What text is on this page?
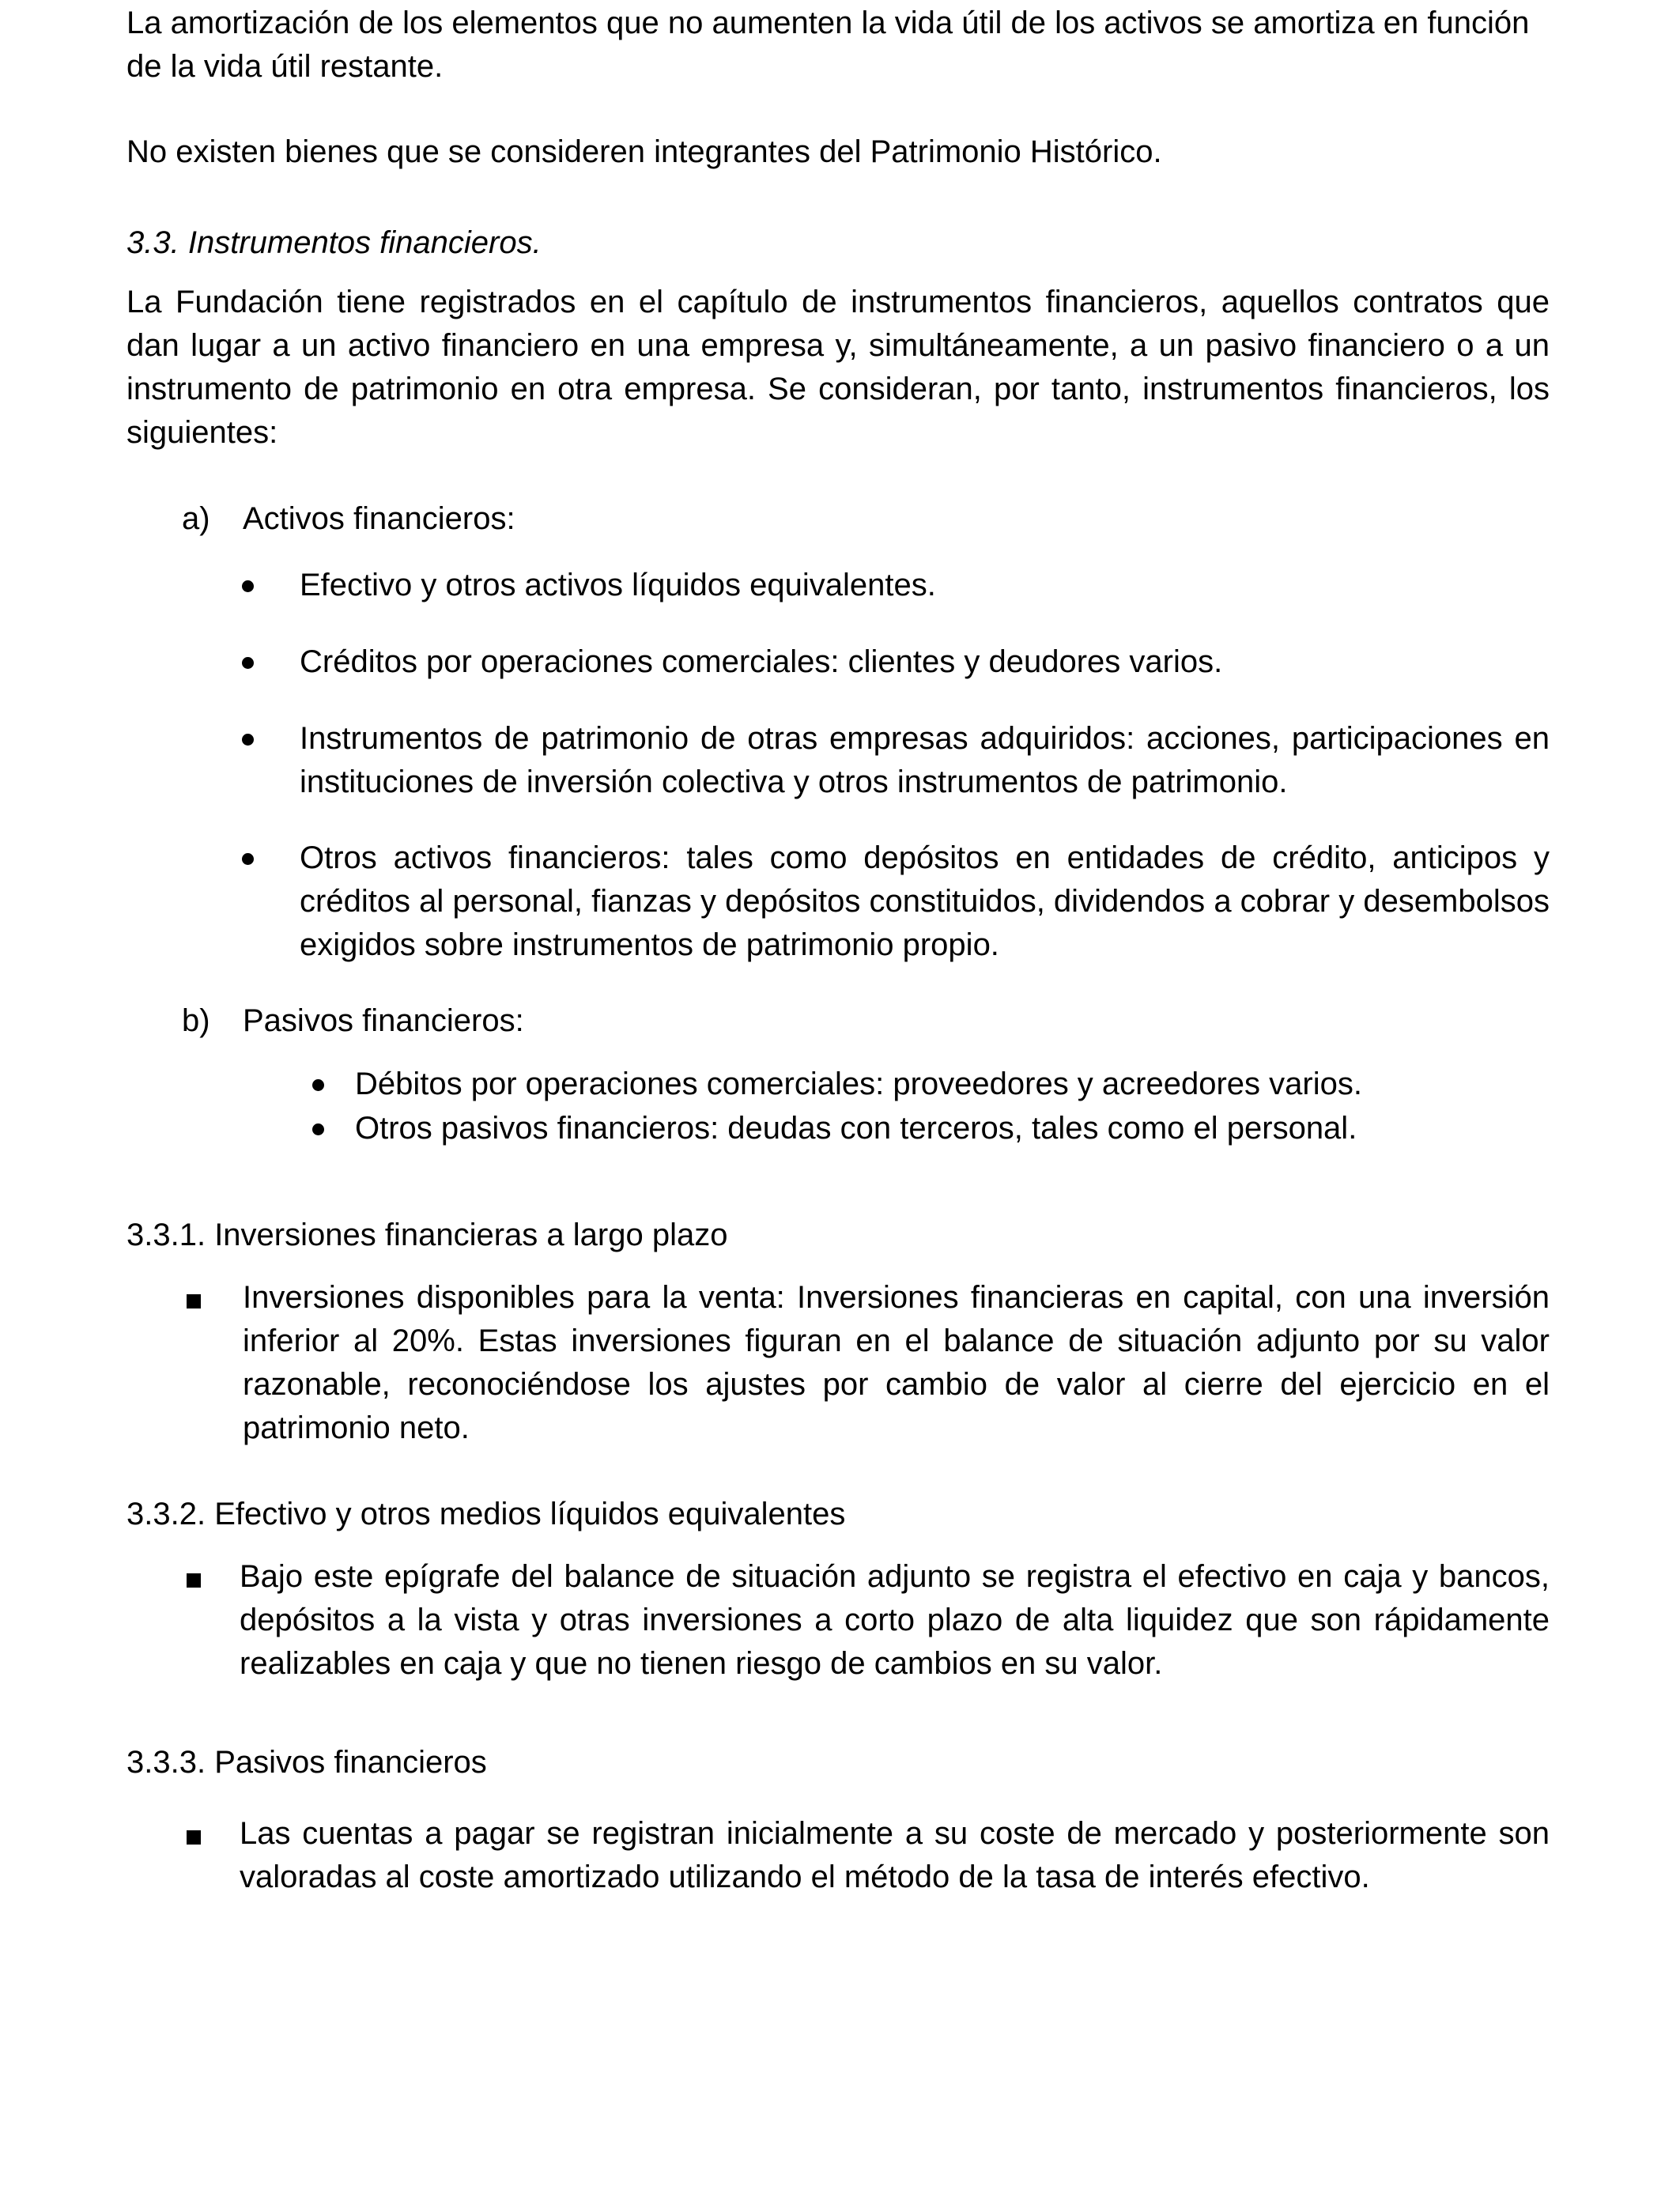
La amortización de los elementos que no aumenten la vida útil de los activos se amortiza en función de la vida útil restante.

No existen bienes que se consideren integrantes del Patrimonio Histórico.

3.3. Instrumentos financieros.

La Fundación tiene registrados en el capítulo de instrumentos financieros, aquellos contratos que dan lugar a un activo financiero en una empresa y, simultáneamente, a un pasivo financiero o a un instrumento de patrimonio en otra empresa. Se consideran, por tanto, instrumentos financieros, los siguientes:

a) Activos financieros:

Efectivo y otros activos líquidos equivalentes.

Créditos por operaciones comerciales: clientes y deudores varios.

Instrumentos de patrimonio de otras empresas adquiridos: acciones, participaciones en instituciones de inversión colectiva y otros instrumentos de patrimonio.

Otros activos financieros: tales como depósitos en entidades de crédito, anticipos y créditos al personal, fianzas y depósitos constituidos, dividendos a cobrar y desembolsos exigidos sobre instrumentos de patrimonio propio.

b) Pasivos financieros:

Débitos por operaciones comerciales: proveedores y acreedores varios.

Otros pasivos financieros: deudas con terceros, tales como el personal.

3.3.1. Inversiones financieras a largo plazo

Inversiones disponibles para la venta: Inversiones financieras en capital, con una inversión inferior al 20%. Estas inversiones figuran en el balance de situación adjunto por su valor razonable, reconociéndose los ajustes por cambio de valor al cierre del ejercicio en el patrimonio neto.

3.3.2. Efectivo y otros medios líquidos equivalentes

Bajo este epígrafe del balance de situación adjunto se registra el efectivo en caja y bancos, depósitos a la vista y otras inversiones a corto plazo de alta liquidez que son rápidamente realizables en caja y que no tienen riesgo de cambios en su valor.

3.3.3. Pasivos financieros

Las cuentas a pagar se registran inicialmente a su coste de mercado y posteriormente son valoradas al coste amortizado utilizando el método de la tasa de interés efectivo.
